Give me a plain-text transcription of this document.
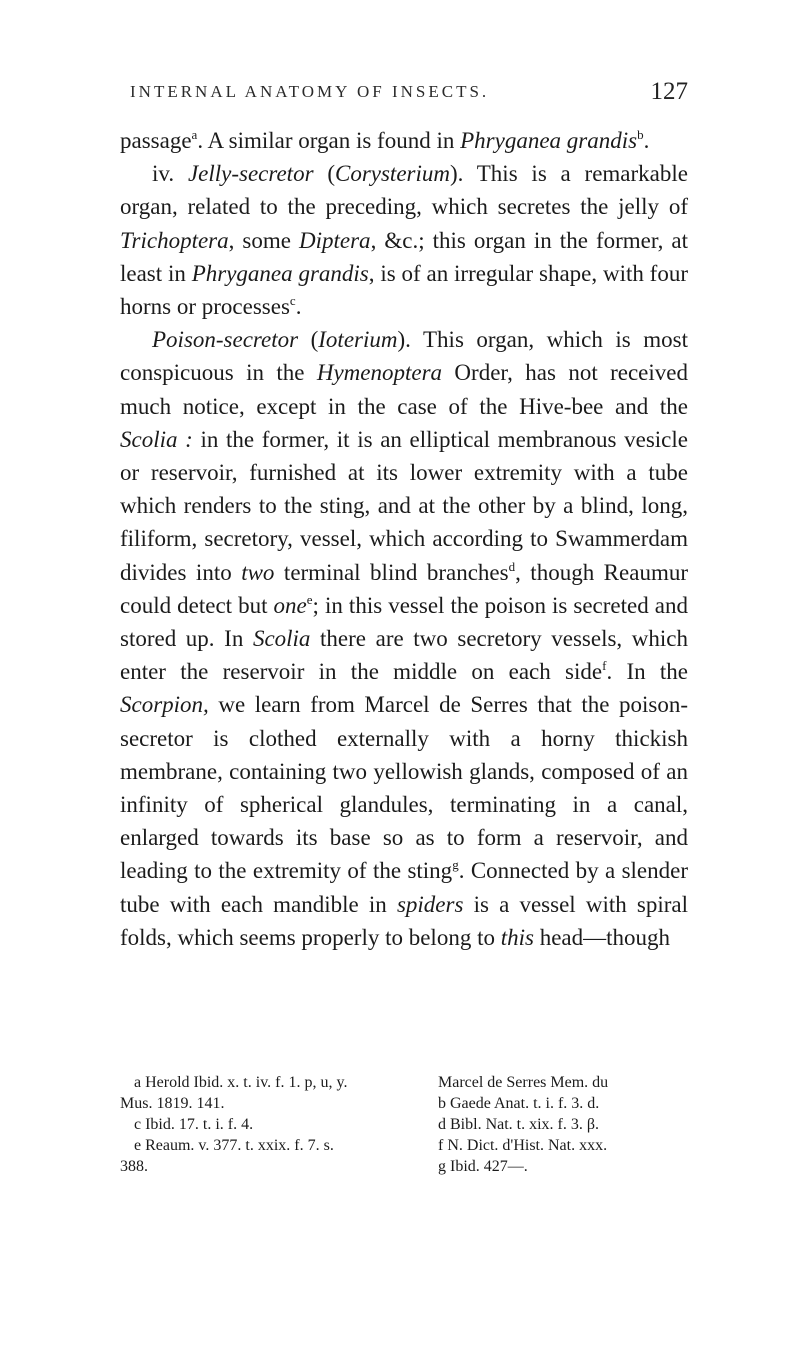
INTERNAL ANATOMY OF INSECTS.	127

passage$^a$. A similar organ is found in Phryganea grandis$^b$.

iv. Jelly-secretor (Corysterium). This is a remarkable organ, related to the preceding, which secretes the jelly of Trichoptera, some Diptera, &c.; this organ in the former, at least in Phryganea grandis, is of an irregular shape, with four horns or processes$^c$.

Poison-secretor (Ioterium). This organ, which is most conspicuous in the Hymenoptera Order, has not received much notice, except in the case of the Hive-bee and the Scolia : in the former, it is an elliptical membranous vesicle or reservoir, furnished at its lower extremity with a tube which renders to the sting, and at the other by a blind, long, filiform, secretory, vessel, which according to Swammerdam divides into two terminal blind branches$^d$, though Reaumur could detect but one$^e$; in this vessel the poison is secreted and stored up. In Scolia there are two secretory vessels, which enter the reservoir in the middle on each side$^f$. In the Scorpion, we learn from Marcel de Serres that the poison-secretor is clothed externally with a horny thickish membrane, containing two yellowish glands, composed of an infinity of spherical glandules, terminating in a canal, enlarged towards its base so as to form a reservoir, and leading to the extremity of the sting$^g$. Connected by a slender tube with each mandible in spiders is a vessel with spiral folds, which seems properly to belong to this head—though

a Herold Ibid. x. t. iv. f. 1. p, u, y.
Mus. 1819. 141.
c Ibid. 17. t. i. f. 4.
e Reaum. v. 377. t. xxix. f. 7. s.
388.
Marcel de Serres Mem. du
b Gaede Anat. t. i. f. 3. d.
d Bibl. Nat. t. xix. f. 3. β.
f N. Dict. d'Hist. Nat. xxx.
g Ibid. 427—.
